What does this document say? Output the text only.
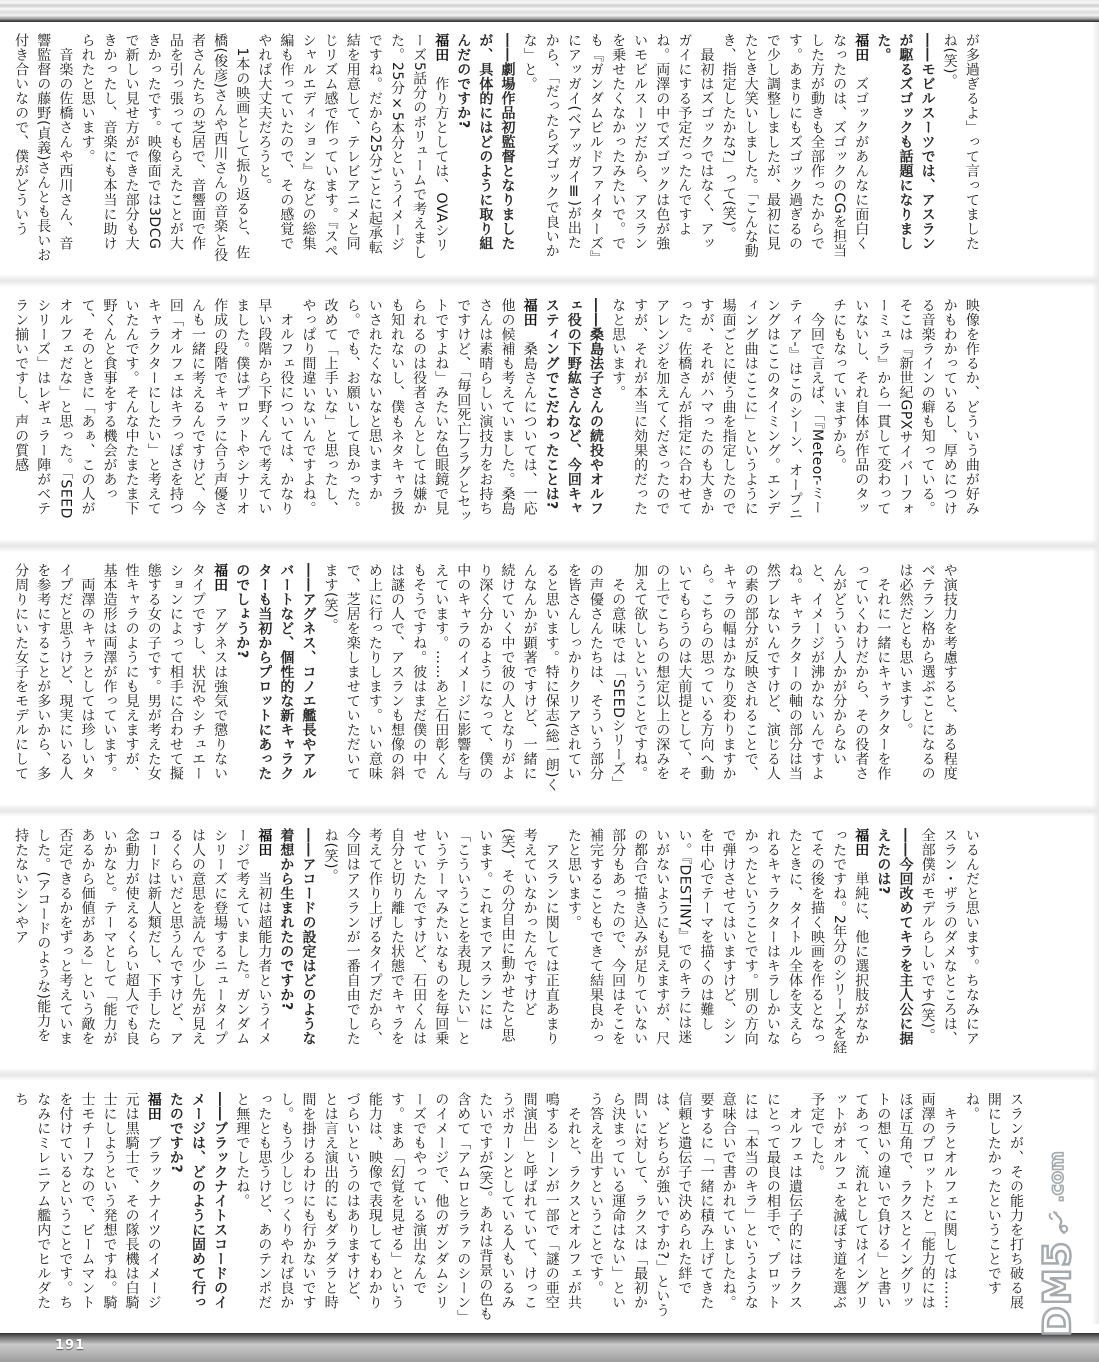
が多過ぎるよ」って言ってましたね(笑)。

――モビルスーツでは、アスランが駆るズゴックも話題になりました。

福田　ズゴックがあんなに面白くなったのは、ズゴックのCGを担当した方が動きも全部作ったからです。あまりにもズゴック過ぎるので少し調整しましたが、最初に見たとき大笑いしました。「こんな動き、指定したかな?」って(笑)。

　最初はズゴックではなく、アッガイにする予定だったんですよね。両澤の中でズゴックは色が強いモビルスーツだから、アスランを乗せたくなかったみたいで。でも『ガンダムビルドファイターズ』にアッガイ(ベアッガイⅢ)が出たから、「だったらズゴックで良いかな」と。

――劇場作品初監督となりましたが、具体的にはどのように取り組んだのですか?

福田　作り方としては、OVAシリーズ5話分のボリュームで考えました。25分×5本分というイメージですね。だから25分ごとに起承転結を用意して、テレビアニメと同じリズム感で作っています。『スペシャルエディション』などの総集編も作っていたので、その感覚でやれば大丈夫だろうと。

　1本の映画として振り返ると、佐橋(俊彦)さんや西川さんの音楽と役者さんたちの芝居で、音響面で作品を引っ張ってもらえたことが大きかったです。映像面では3DCGで新しい見せ方ができた部分も大きかったし、音楽にも本当に助けられたと思います。

　音楽の佐橋さんや西川さん、音響監督の藤野(貞義)さんとも長いお付き合いなので、僕がどういう

映像を作るか、どういう曲が好みかもわかっているし、厚めにつける音楽ラインの癖も知っている。そこは『新世紀GPXサイバーフォーミュラ』から一貫して変わっていないし、それ自体が作品のタッチにもなっていますから。

　今回で言えば、「『Meteor-ミーティア-』はこのシーン、オープニングはここのタイミング。エンディング曲はここに」というように場面ごとに使う曲を指定したのですが、それがハマったのも大きかった。佐橋さんが指定に合わせてアレンジを加えてくださったのですが、それが本当に効果的だったなと思います。

――桑島法子さんの続投やオルフェ役の下野紘さんなど、今回キャスティングでこだわったことは?

福田　桑島さんについては、一応他の候補も考えていました。桑島さんは素晴らしい演技力をお持ちですけど、「毎回死亡フラグとセットですよね」みたいな色眼鏡で見られるのは役者さんとしては嫌かも知れないし、僕もネタキャラ扱いされたくないなと思いますから。でも、お願いして良かった。改めて「上手いな」と思ったし、やっぱり間違いないんですよね。

　オルフェ役については、かなり早い段階から下野くんで考えていました。僕はプロットやシナリオ作成の段階でキャラに合う声優さんも一緒に考えるんですけど、今回「オルフェはキラっぽさを持つキャラクターにしたい」と考えていたんです。そんな中たまたま下野くんと食事をする機会があって、そのときに「あぁ、この人がオルフェだな」と思った。「SEEDシリーズ」はレギュラー陣がベテラン揃いですし、声の質感

や演技力を考慮すると、ある程度ベテラン格から選ぶことになるのは必然だとも思いますし。

　それに一緒にキャラクターを作っていくわけだから、その役者さんがどういう人かが分からないと、イメージが沸かないんですよね。キャラクターの軸の部分は当然ブレないんですけど、演じる人の素の部分が反映されることで、キャラの幅はかなり変わりますから。こちらの思っている方向へ動いてもらうのは大前提として、その上でこちらの想定以上の深みを加えて欲しいということですね。

　その意味では「SEEDシリーズ」の声優さんたちは、そういう部分を皆さんしっかりクリアされていると思います。特に保志(総一朗)くんなんかが顕著ですけど、一緒に続けていく中で彼の人となりがより深く分かるようになって、僕の中のキャラのイメージに影響を与えています。……あと石田彰くんもそうですね。彼はまだ僕の中では謎の人で、アスランも想像の斜め上に行ったりします。いい意味で、芝居を楽しませていただいてます(笑)。

――アグネス、コノエ艦長やアルバートなど、個性的な新キャラクターも当初からプロットにあったのでしょうか?

福田　アグネスは強気で懲りないタイプですし、状況やシチュエーションによって相手に合わせて擬態する女の子です。男が考えた女性キャラのようにも見えますが、基本造形は両澤が作っています。

　両澤のキャラとしては珍しいタイプだと思うけど、現実にいる人を参考にすることが多いから、多分周りにいた女子をモデルにして

いるんだと思います。ちなみにアスラン・ザラのダメなところは、全部僕がモデルらしいです(笑)。

――今回改めてキラを主人公に据えたのは?

福田　単純に、他に選択肢がなかったですね。2年分のシリーズを経てその後を描く映画を作るとなったときに、タイトル全体を支えられるキャラクターはキラしかいなかったということです。別の方向で弾けさせてはいますけど、シンを中心でテーマを描くのは難しい。『DESTINY』でのキラには迷いがないようにも見えますが、尺の都合で描き込みが足りていない部分もあったので、今回はそこを補完することもできて結果良かったと思います。

　アスランに関しては正直あまり考えていなかったんですけど(笑)、その分自由に動かせたと思います。これまでアスランには「こういうことを表現したい」というテーマみたいなものを毎回乗せていたんですけど、石田くんは自分と切り離した状態でキャラを考えて作り上げるタイプだから、今回はアスランが一番自由でしたね(笑)。

――アコードの設定はどのような着想から生まれたのですか?

福田　当初は超能力者というイメージで考えていました。ガンダムシリーズに登場するニュータイプは人の意思を読んで少し先が見えるくらいだと思うんですけど、アコードは新人類だし、下手したら念動力が使えるくらい超人でも良いかなと。テーマとして「能力があるから価値がある」という敵を否定できるかをずっと考えていました。(アコードのような)能力を持たないシンやア

スランが、その能力を打ち破る展開にしたかったということですね。

　キラとオルフェに関しては……両澤のプロットだと「能力的にはほぼ互角で、ラクスとイングリットの想いの違いで負ける」と書いてあって、流れとしてはイングリットがオルフェを滅ぼす道を選ぶ予定でした。

　オルフェは遺伝子的にはラクスにとって最良の相手で、プロットには「本当のキラ」というような意味合いで書かれていましたね。要するに「一緒に積み上げてきた信頼と遺伝子で決められた絆では、どちらが強いですか?」という問いに対して、ラクスは「最初から決まっている運命はない」という答えを出すということです。

　それと、ラクスとオルフェが共鳴するシーンが一部で「謎の亜空間演出」と呼ばれていて、けっこうポカーンとしている人もいるみたいですが(笑)。あれは背景の色も含めて「アムロとララァのシーン」のイメージで、他のガンダムシリーズでもやっている演出なんです。まあ「幻覚を見せる」という能力は、映像で表現してもわかりづらいというのはありますけど、とは言え演出的にもダラダラと時間を掛けるわけにも行かないですし。もう少しじっくりやれば良かったとも思うけど、あのテンポだと無理でしたね。

――ブラックナイトスコードのイメージは、どのように固めて行ったのですか?

福田　ブラックナイツのイメージ元は黒騎士で、その隊長機は白騎士にしようという発想ですね。騎士モチーフなので、ビームマントを付けているということです。ちなみにミレニアム艦内でヒルダたち

191
DM5
.com
